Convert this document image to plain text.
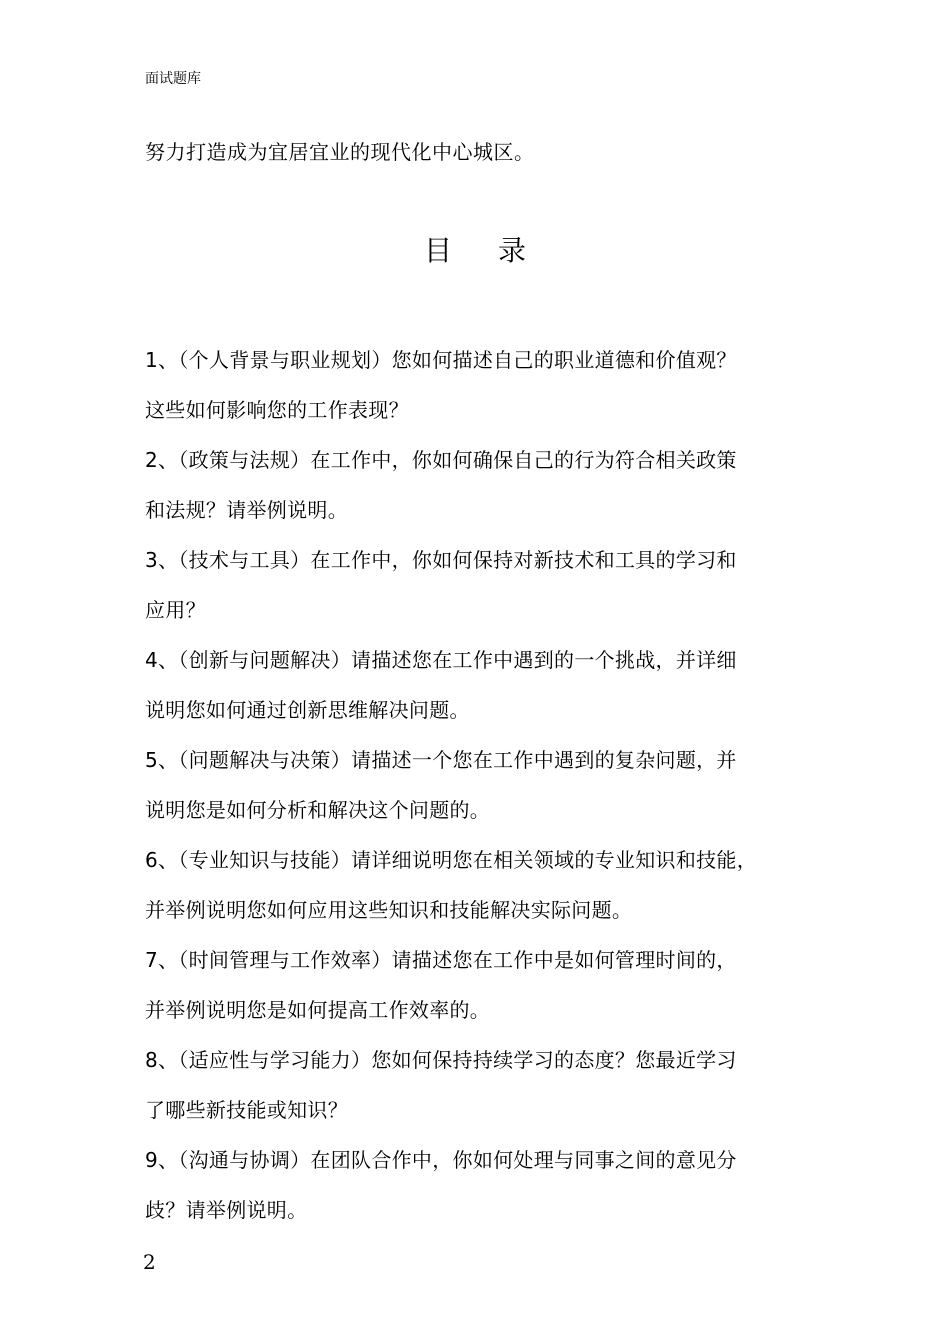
面试题库
努力打造成为宜居宜业的现代化中心城区。
目 录
1、（个人背景与职业规划）您如何描述自己的职业道德和价值观？
这些如何影响您的工作表现？
2、（政策与法规）在工作中，你如何确保自己的行为符合相关政策
和法规？请举例说明。
3、（技术与工具）在工作中，你如何保持对新技术和工具的学习和
应用？
4、（创新与问题解决）请描述您在工作中遇到的一个挑战，并详细
说明您如何通过创新思维解决问题。
5、（问题解决与决策）请描述一个您在工作中遇到的复杂问题，并
说明您是如何分析和解决这个问题的。
6、（专业知识与技能）请详细说明您在相关领域的专业知识和技能，
并举例说明您如何应用这些知识和技能解决实际问题。
7、（时间管理与工作效率）请描述您在工作中是如何管理时间的，
并举例说明您是如何提高工作效率的。
8、（适应性与学习能力）您如何保持持续学习的态度？您最近学习
了哪些新技能或知识？
9、（沟通与协调）在团队合作中，你如何处理与同事之间的意见分
歧？请举例说明。
2
